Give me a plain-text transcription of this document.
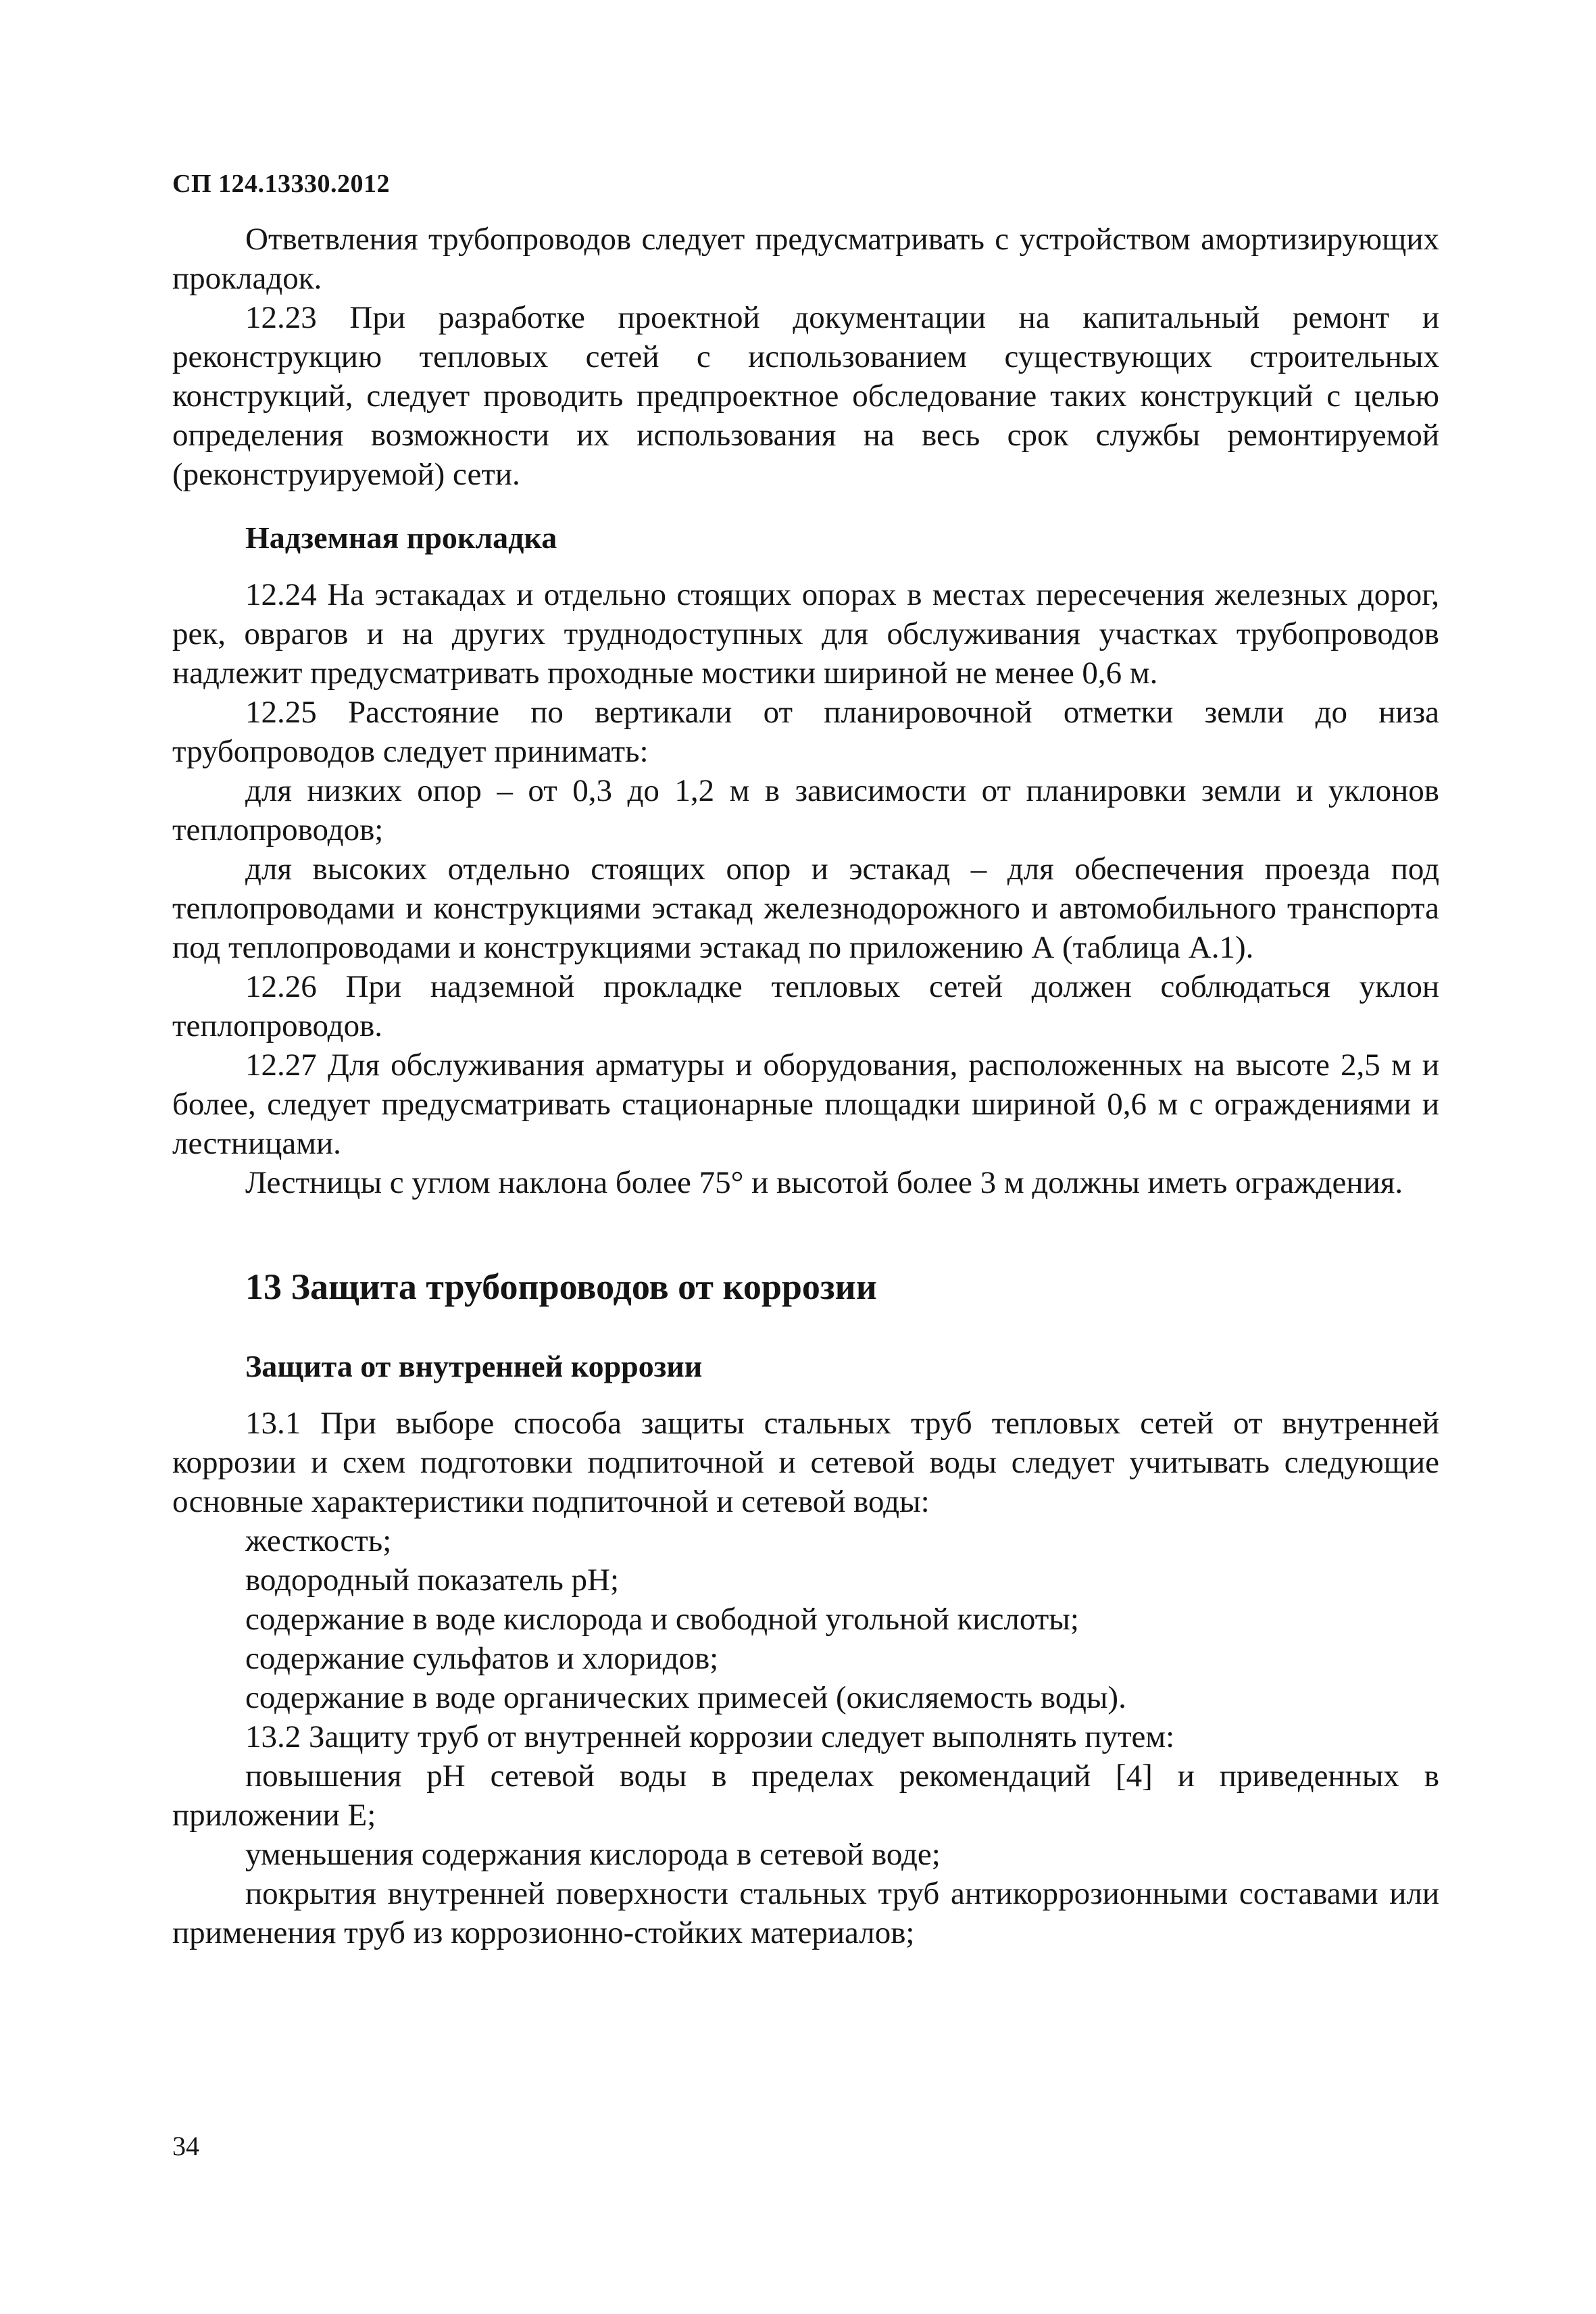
СП 124.13330.2012

Ответвления трубопроводов следует предусматривать с устройством амортизирующих прокладок.

12.23 При разработке проектной документации на капитальный ремонт и реконструкцию тепловых сетей с использованием существующих строительных конструкций, следует проводить предпроектное обследование таких конструкций с целью определения возможности их использования на весь срок службы ремонтируемой (реконструируемой) сети.

Надземная прокладка

12.24 На эстакадах и отдельно стоящих опорах в местах пересечения железных дорог, рек, оврагов и на других труднодоступных для обслуживания участках трубопроводов надлежит предусматривать проходные мостики шириной не менее 0,6 м.

12.25 Расстояние по вертикали от планировочной отметки земли до низа трубопроводов следует принимать:

для низких опор – от 0,3 до 1,2 м в зависимости от планировки земли и уклонов теплопроводов;

для высоких отдельно стоящих опор и эстакад – для обеспечения проезда под теплопроводами и конструкциями эстакад железнодорожного и автомобильного транспорта под теплопроводами и конструкциями эстакад по приложению А (таблица А.1).

12.26 При надземной прокладке тепловых сетей должен соблюдаться уклон теплопроводов.

12.27 Для обслуживания арматуры и оборудования, расположенных на высоте 2,5 м и более, следует предусматривать стационарные площадки шириной 0,6 м с ограждениями и лестницами.

Лестницы с углом наклона более 75° и высотой более 3 м должны иметь ограждения.

13 Защита трубопроводов от коррозии

Защита от внутренней коррозии

13.1 При выборе способа защиты стальных труб тепловых сетей от внутренней коррозии и схем подготовки подпиточной и сетевой воды следует учитывать следующие основные характеристики подпиточной и сетевой воды:

жесткость;

водородный показатель pH;

содержание в воде кислорода и свободной угольной кислоты;

содержание сульфатов и хлоридов;

содержание в воде органических примесей (окисляемость воды).

13.2 Защиту труб от внутренней коррозии следует выполнять путем:

повышения pH сетевой воды в пределах рекомендаций [4] и приведенных в приложении Е;

уменьшения содержания кислорода в сетевой воде;

покрытия внутренней поверхности стальных труб антикоррозионными составами или применения труб из коррозионно-стойких материалов;

34
